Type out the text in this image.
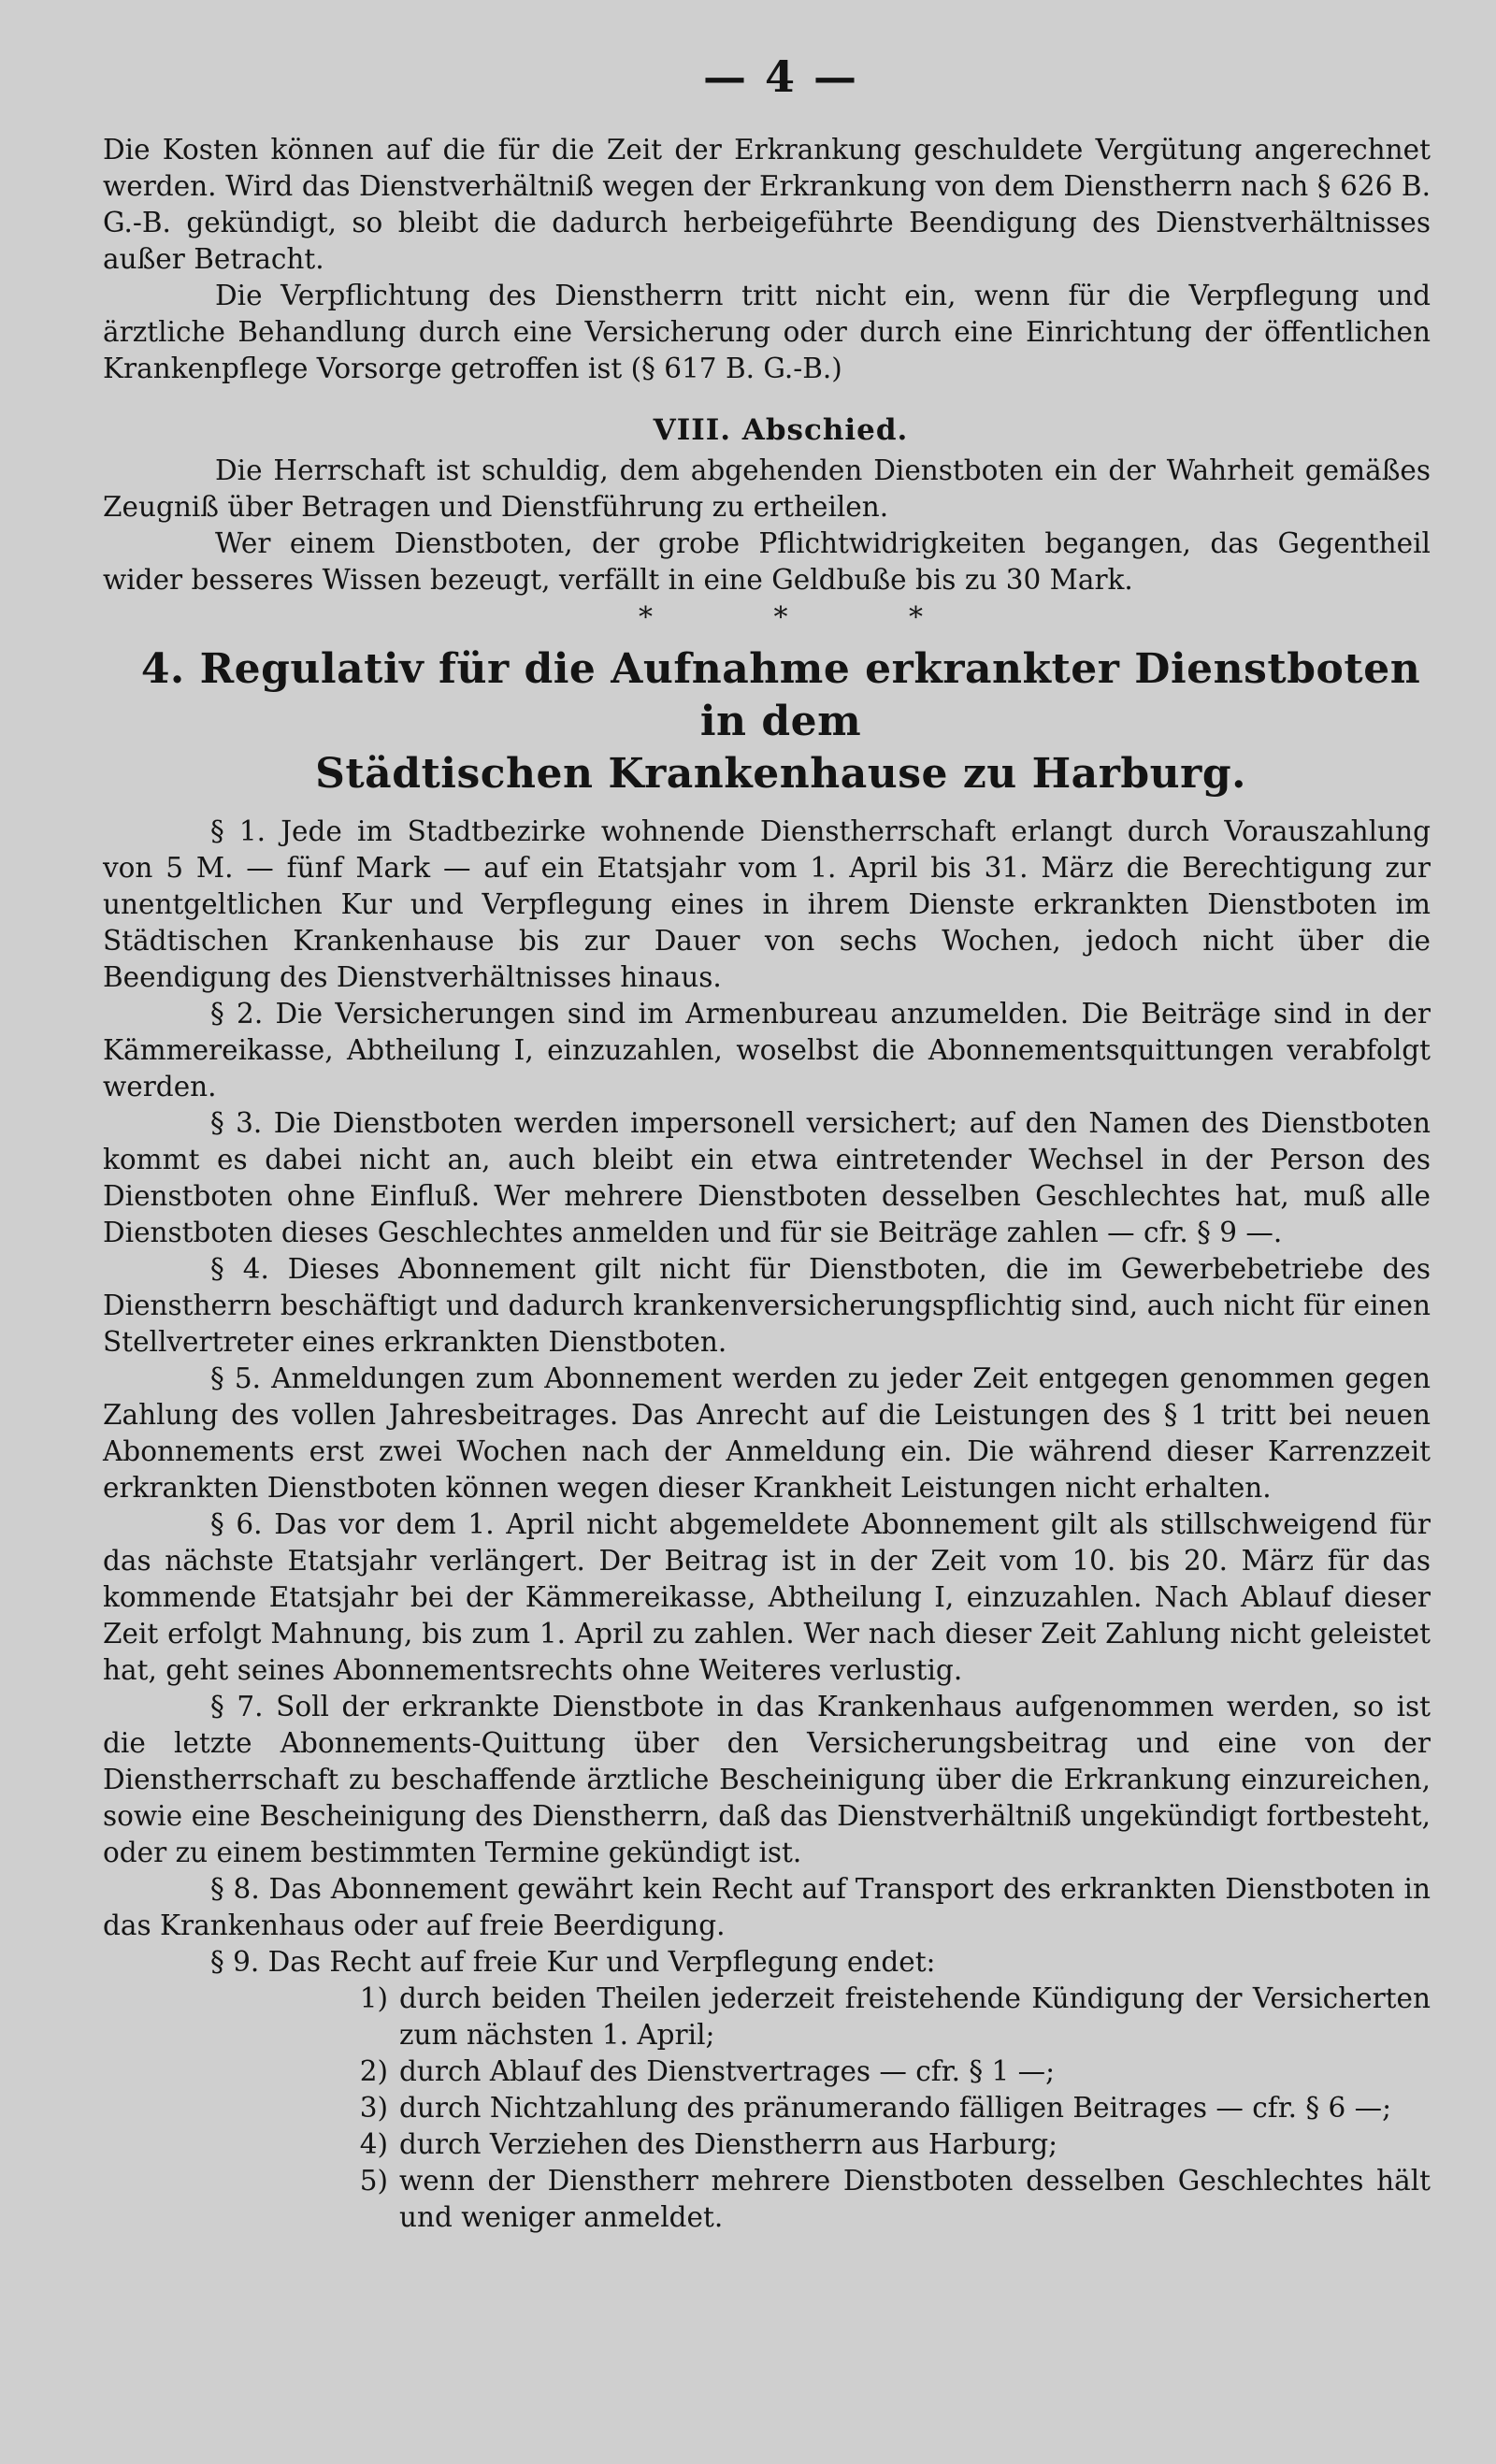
— 4 —

Die Kosten können auf die für die Zeit der Erkrankung geschuldete Vergütung angerechnet werden. Wird das Dienstverhältniß wegen der Erkrankung von dem Dienstherrn nach § 626 B. G.-B. gekündigt, so bleibt die dadurch herbeigeführte Beendigung des Dienstverhältnisses außer Betracht.

Die Verpflichtung des Dienstherrn tritt nicht ein, wenn für die Verpflegung und ärztliche Behandlung durch eine Versicherung oder durch eine Einrichtung der öffentlichen Krankenpflege Vorsorge getroffen ist (§ 617 B. G.-B.)

VIII. Abschied.

Die Herrschaft ist schuldig, dem abgehenden Dienstboten ein der Wahrheit gemäßes Zeugniß über Betragen und Dienstführung zu ertheilen.

Wer einem Dienstboten, der grobe Pflichtwidrigkeiten begangen, das Gegentheil wider besseres Wissen bezeugt, verfällt in eine Geldbuße bis zu 30 Mark.

* * *
4. Regulativ für die Aufnahme erkrankter Dienstboten in dem
Städtischen Krankenhause zu Harburg.

§ 1. Jede im Stadtbezirke wohnende Dienstherrschaft erlangt durch Vorauszahlung von 5 M. — fünf Mark — auf ein Etatsjahr vom 1. April bis 31. März die Berechtigung zur unentgeltlichen Kur und Verpflegung eines in ihrem Dienste erkrankten Dienstboten im Städtischen Krankenhause bis zur Dauer von sechs Wochen, jedoch nicht über die Beendigung des Dienstverhältnisses hinaus.

§ 2. Die Versicherungen sind im Armenbureau anzumelden. Die Beiträge sind in der Kämmereikasse, Abtheilung I, einzuzahlen, woselbst die Abonnementsquittungen verabfolgt werden.

§ 3. Die Dienstboten werden impersonell versichert; auf den Namen des Dienstboten kommt es dabei nicht an, auch bleibt ein etwa eintretender Wechsel in der Person des Dienstboten ohne Einfluß. Wer mehrere Dienstboten desselben Geschlechtes hat, muß alle Dienstboten dieses Geschlechtes anmelden und für sie Beiträge zahlen — cfr. § 9 —.

§ 4. Dieses Abonnement gilt nicht für Dienstboten, die im Gewerbebetriebe des Dienstherrn beschäftigt und dadurch krankenversicherungspflichtig sind, auch nicht für einen Stellvertreter eines erkrankten Dienstboten.

§ 5. Anmeldungen zum Abonnement werden zu jeder Zeit entgegen genommen gegen Zahlung des vollen Jahresbeitrages. Das Anrecht auf die Leistungen des § 1 tritt bei neuen Abonnements erst zwei Wochen nach der Anmeldung ein. Die während dieser Karrenzzeit erkrankten Dienstboten können wegen dieser Krankheit Leistungen nicht erhalten.

§ 6. Das vor dem 1. April nicht abgemeldete Abonnement gilt als stillschweigend für das nächste Etatsjahr verlängert. Der Beitrag ist in der Zeit vom 10. bis 20. März für das kommende Etatsjahr bei der Kämmereikasse, Abtheilung I, einzuzahlen. Nach Ablauf dieser Zeit erfolgt Mahnung, bis zum 1. April zu zahlen. Wer nach dieser Zeit Zahlung nicht geleistet hat, geht seines Abonnementsrechts ohne Weiteres verlustig.

§ 7. Soll der erkrankte Dienstbote in das Krankenhaus aufgenommen werden, so ist die letzte Abonnements-Quittung über den Versicherungsbeitrag und eine von der Dienstherrschaft zu beschaffende ärztliche Bescheinigung über die Erkrankung einzureichen, sowie eine Bescheinigung des Dienstherrn, daß das Dienstverhältniß ungekündigt fortbesteht, oder zu einem bestimmten Termine gekündigt ist.

§ 8. Das Abonnement gewährt kein Recht auf Transport des erkrankten Dienstboten in das Krankenhaus oder auf freie Beerdigung.

§ 9. Das Recht auf freie Kur und Verpflegung endet:

1) durch beiden Theilen jederzeit freistehende Kündigung der Versicherten zum nächsten 1. April;
2) durch Ablauf des Dienstvertrages — cfr. § 1 —;
3) durch Nichtzahlung des pränumerando fälligen Beitrages — cfr. § 6 —;
4) durch Verziehen des Dienstherrn aus Harburg;
5) wenn der Dienstherr mehrere Dienstboten desselben Geschlechtes hält und weniger anmeldet.
